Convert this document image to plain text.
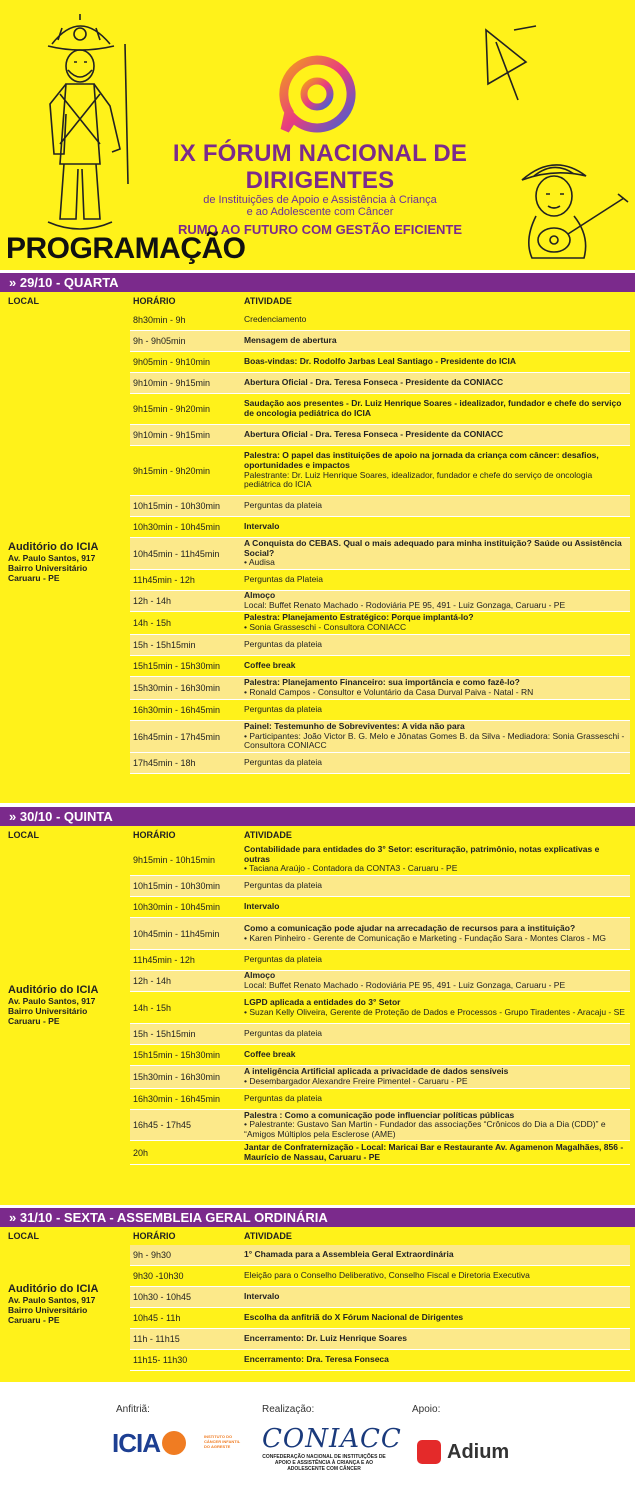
IX FÓRUM NACIONAL DE DIRIGENTES
de Instituições de Apoio e Assistência à Criança
e ao Adolescente com Câncer
RUMO AO FUTURO COM GESTÃO EFICIENTE
PROGRAMAÇÃO
» 29/10 - QUARTA
LOCAL	HORÁRIO	ATIVIDADE
Auditório do ICIA
Av. Paulo Santos, 917
Bairro Universitário
Caruaru - PE
8h30min - 9h	Credenciamento
9h - 9h05min	Mensagem de abertura
9h05min - 9h10min	Boas-vindas: Dr. Rodolfo Jarbas Leal Santiago - Presidente do ICIA
9h10min - 9h15min	Abertura Oficial - Dra. Teresa Fonseca - Presidente da CONIACC
9h15min - 9h20min
Saudação aos presentes - Dr. Luiz Henrique Soares - idealizador, fundador e chefe do serviço de oncologia pediátrica do ICIA
9h10min - 9h15min	Abertura Oficial - Dra. Teresa Fonseca - Presidente da CONIACC
9h15min - 9h20min
Palestra: O papel das instituições de apoio na jornada da criança com câncer: desafios, oportunidades e impactos
Palestrante: Dr. Luiz Henrique Soares, idealizador, fundador e chefe do serviço de oncologia pediátrica do ICIA
10h15min - 10h30min	Perguntas da plateia
10h30min - 10h45min	Intervalo
10h45min - 11h45min
A Conquista do CEBAS. Qual o mais adequado para minha instituição? Saúde ou Assistência Social?
• Audisa
11h45min - 12h	Perguntas da Plateia
12h - 14h
Almoço
Local: Buffet Renato Machado - Rodoviária PE 95, 491 - Luiz Gonzaga, Caruaru - PE
14h - 15h
Palestra: Planejamento Estratégico: Porque implantá-lo?
• Sonia Grasseschi - Consultora CONIACC
15h - 15h15min	Perguntas da plateia
15h15min - 15h30min	Coffee break
15h30min - 16h30min
Palestra: Planejamento Financeiro: sua importância e como fazê-lo?
• Ronald Campos - Consultor e Voluntário da Casa Durval Paiva - Natal - RN
16h30min - 16h45min	Perguntas da plateia
16h45min - 17h45min
Painel: Testemunho de Sobreviventes: A vida não para
• Participantes: João Victor B. G. Melo e Jônatas Gomes B. da Silva - Mediadora: Sonia Grasseschi - Consultora CONIACC
17h45min - 18h	Perguntas da plateia
» 30/10 - QUINTA
LOCAL	HORÁRIO	ATIVIDADE
Auditório do ICIA
Av. Paulo Santos, 917
Bairro Universitário
Caruaru - PE
9h15min - 10h15min
Contabilidade para entidades do 3° Setor: escrituração, patrimônio, notas explicativas e outras
• Taciana Araújo - Contadora da CONTA3 - Caruaru - PE
10h15min - 10h30min	Perguntas da plateia
10h30min - 10h45min	Intervalo
10h45min - 11h45min
Como a comunicação pode ajudar na arrecadação de recursos para a instituição?
• Karen Pinheiro - Gerente de Comunicação e Marketing - Fundação Sara - Montes Claros - MG
11h45min - 12h	Perguntas da plateia
12h - 14h
Almoço
Local: Buffet Renato Machado - Rodoviária PE 95, 491 - Luiz Gonzaga, Caruaru - PE
14h - 15h
LGPD aplicada a entidades do 3° Setor
• Suzan Kelly Oliveira, Gerente de Proteção de Dados e Processos - Grupo Tiradentes - Aracaju - SE
15h - 15h15min	Perguntas da plateia
15h15min - 15h30min	Coffee break
15h30min - 16h30min
A inteligência Artificial aplicada a privacidade de dados sensíveis
• Desembargador Alexandre Freire Pimentel - Caruaru - PE
16h30min - 16h45min	Perguntas da plateia
16h45 - 17h45
Palestra : Como a comunicação pode influenciar políticas públicas
• Palestrante: Gustavo San Martin - Fundador das associações “Crônicos do Dia a Dia (CDD)” e “Amigos Múltiplos pela Esclerose (AME)
20h
Jantar de Confraternização - Local: Maricai Bar e Restaurante Av. Agamenon Magalhães, 856 - Maurício de Nassau, Caruaru - PE
» 31/10 - SEXTA - ASSEMBLEIA GERAL ORDINÁRIA
LOCAL	HORÁRIO	ATIVIDADE
Auditório do ICIA
Av. Paulo Santos, 917
Bairro Universitário
Caruaru - PE
9h - 9h30	1° Chamada para a Assembleia Geral Extraordinária
9h30 -10h30	Eleição para o Conselho Deliberativo, Conselho Fiscal e Diretoria Executiva
10h30 - 10h45	Intervalo
10h45 - 11h	Escolha da anfitriã do X Fórum Nacional de Dirigentes
11h - 11h15	Encerramento: Dr. Luiz Henrique Soares
11h15- 11h30	Encerramento: Dra. Teresa Fonseca
Anfitriã:	Realização:	Apoio:
ICIA	INSTITUTO DO CÂNCER INFANTIL DO AGRESTE	CONIACC
CONFEDERAÇÃO NACIONAL DE INSTITUIÇÕES DE APOIO E ASSISTÊNCIA À CRIANÇA E AO ADOLESCENTE COM CÂNCER
Adium
